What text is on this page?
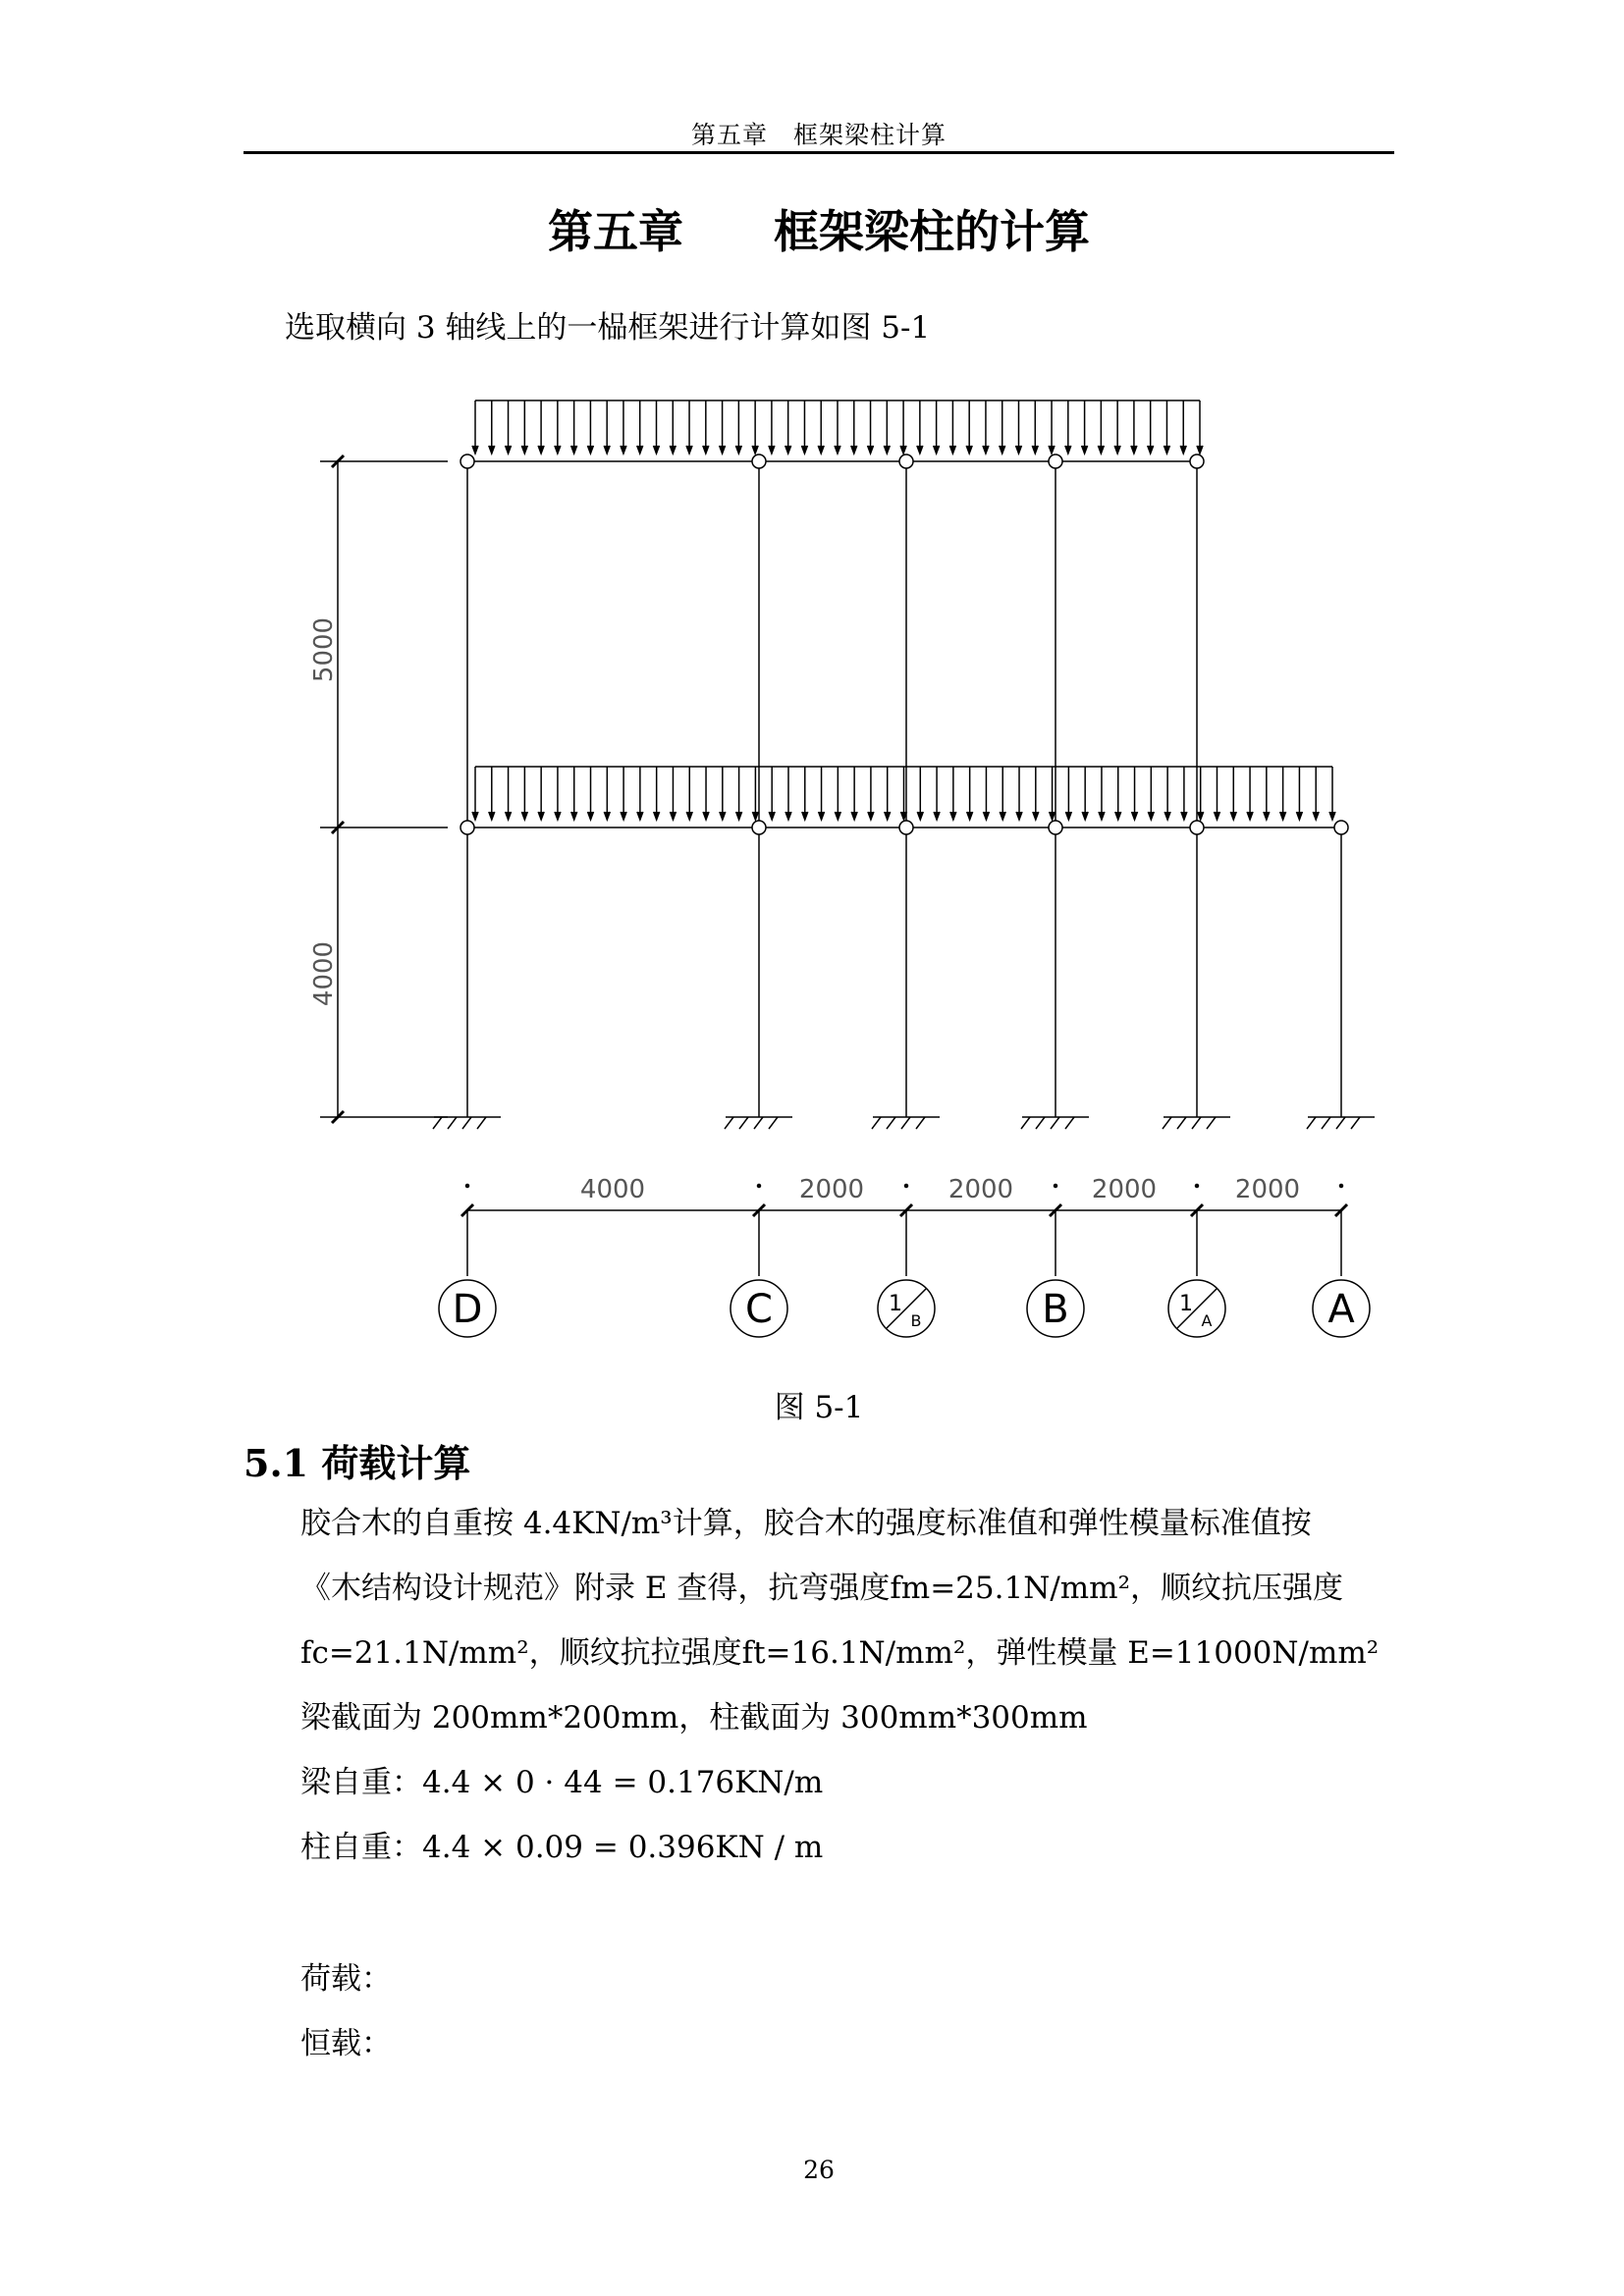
第五章　框架梁柱计算
第五章　　框架梁柱的计算
选取横向 3 轴线上的一榀框架进行计算如图 5-1
5000
4000
4000	2000	2000	2000	2000
D	C	1
B	B	1
A	A
图 5-1
5.1 荷载计算
胶合木的自重按 4.4KN/m³计算，胶合木的强度标准值和弹性模量标准值按
《木结构设计规范》附录 E 查得，抗弯强度fm=25.1N/mm²，顺纹抗压强度
fc=21.1N/mm²，顺纹抗拉强度ft=16.1N/mm²，弹性模量 E=11000N/mm²
梁截面为 200mm*200mm，柱截面为 300mm*300mm
梁自重：4.4 × 0 · 44 = 0.176KN/m
柱自重：4.4 × 0.09 = 0.396KN / m
荷载：
恒载：
26
